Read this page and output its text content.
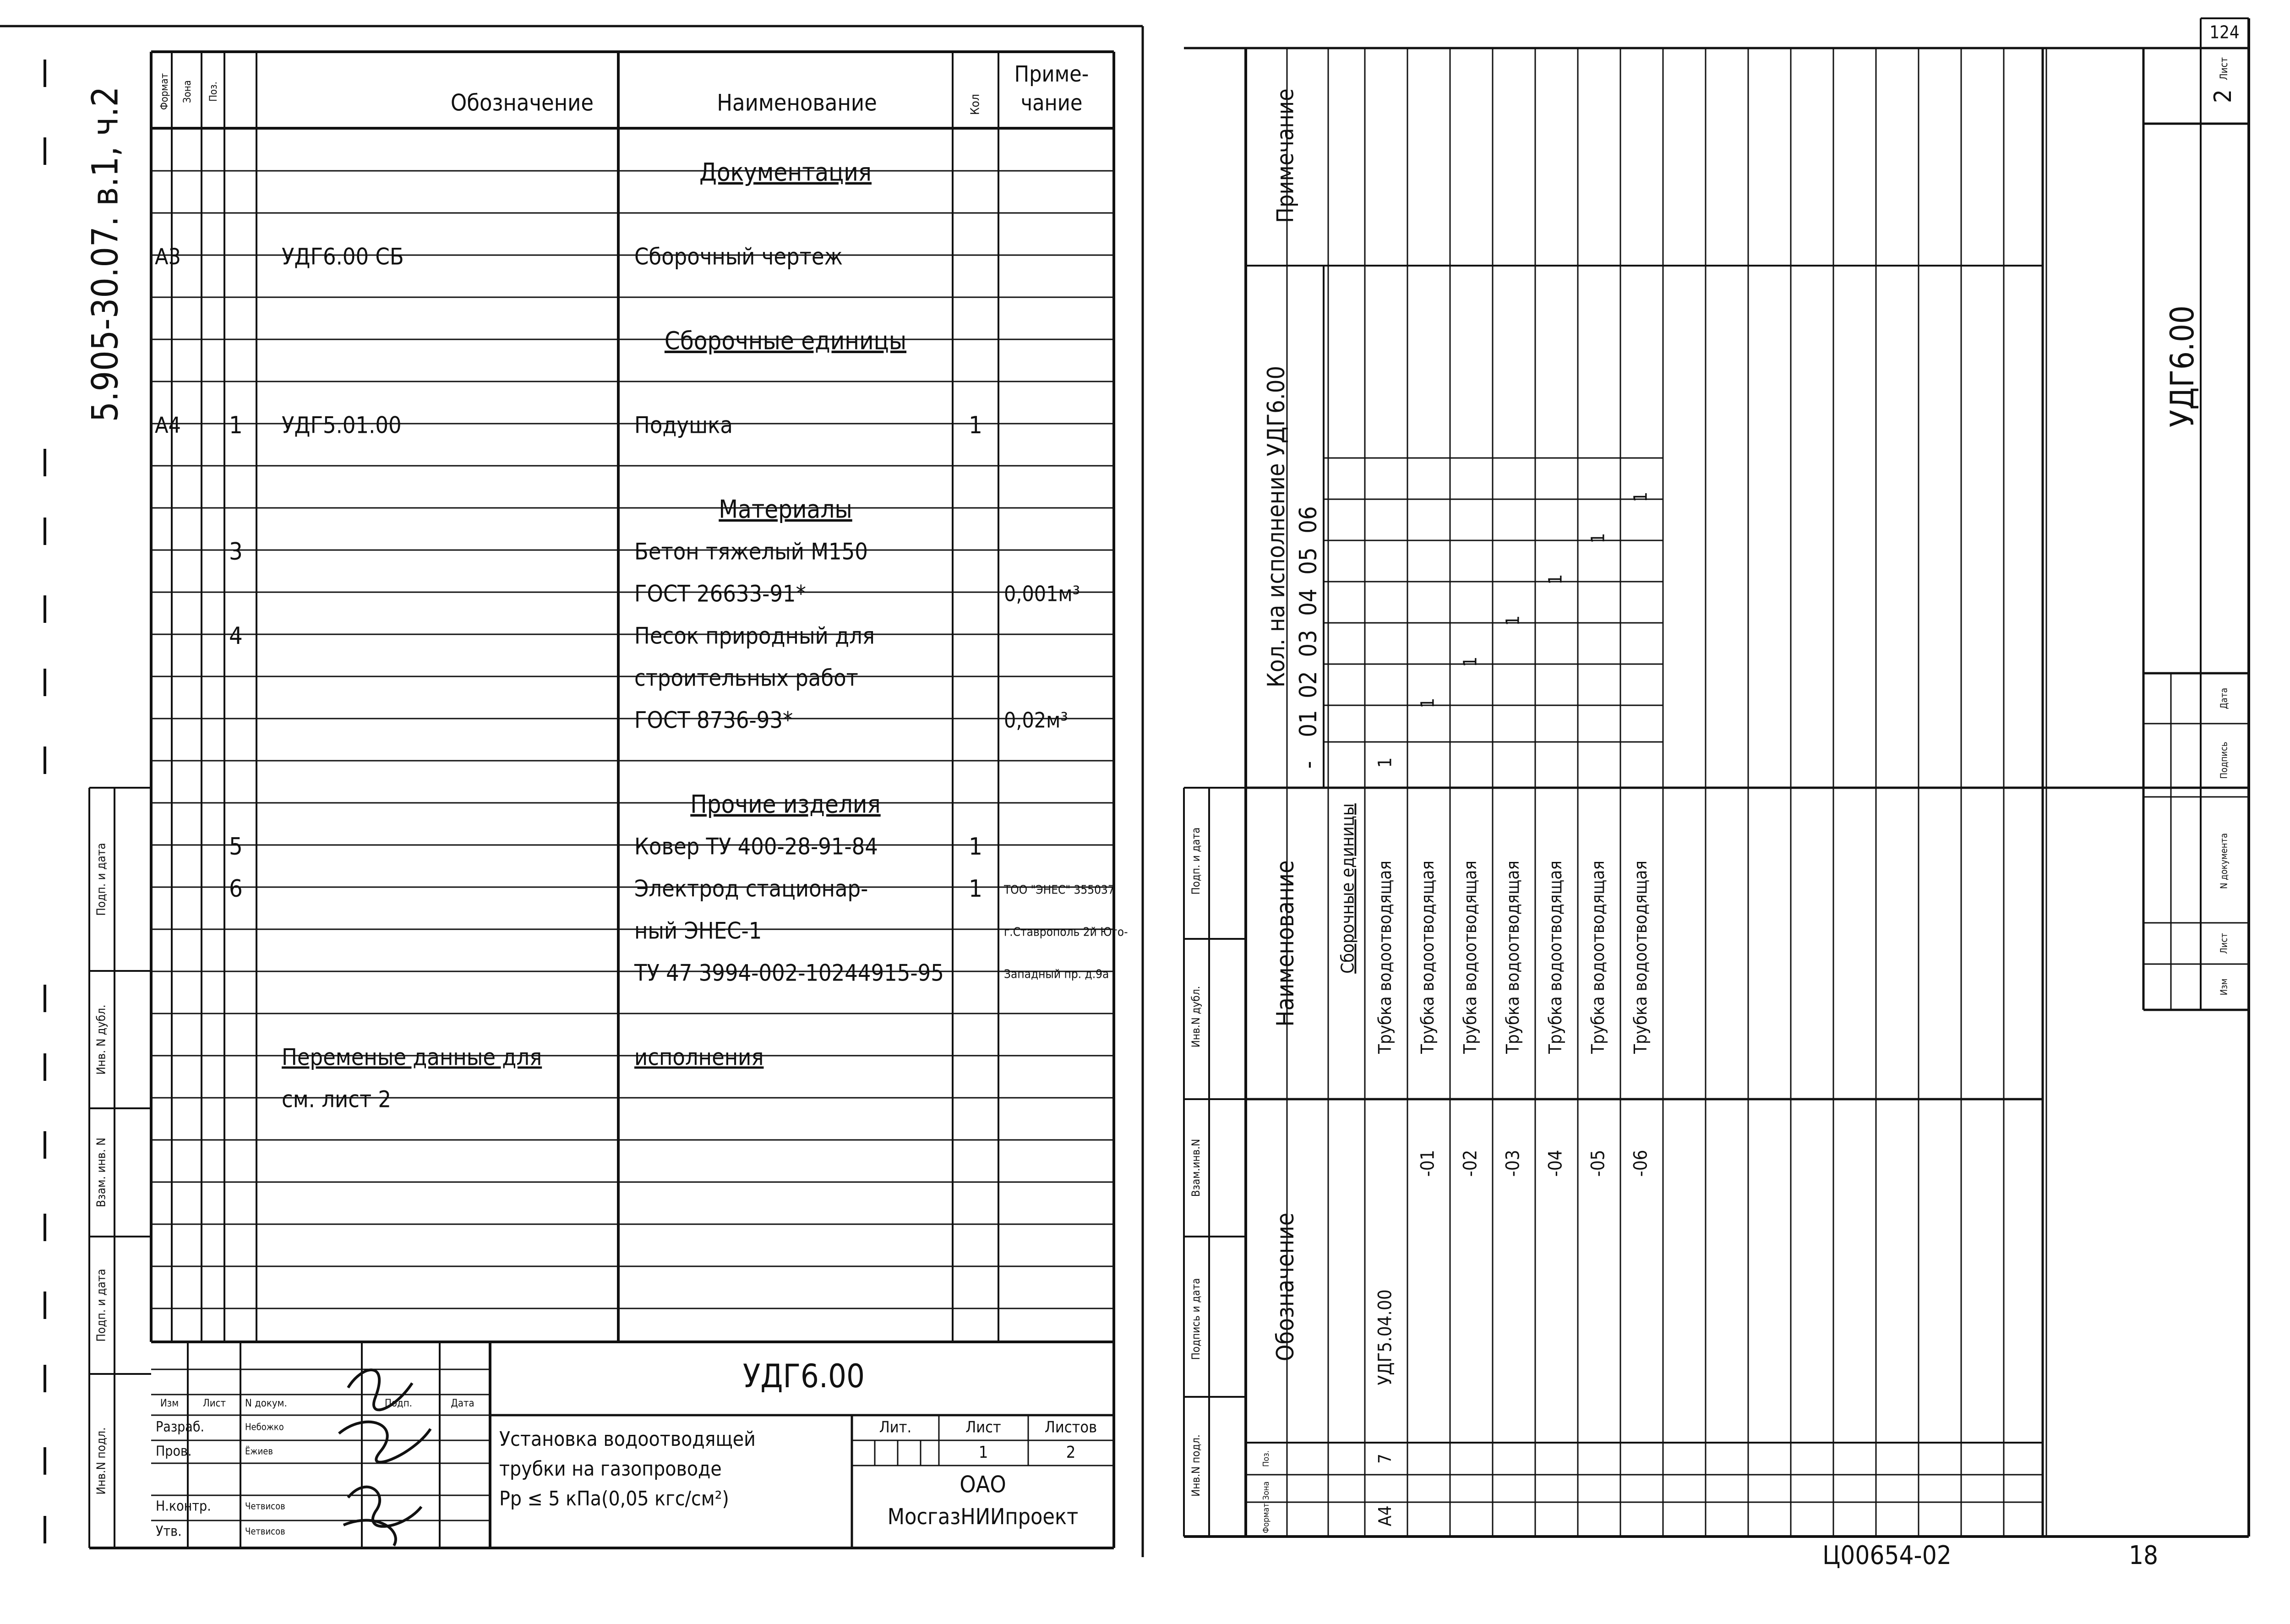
Обозначение	Наименование
Формат Зона Поз.
Кол
Приме-
чание
Документация
А3	УДГ6.00 СБ	Сборочный чертеж
Сборочные единицы
А4 1 УДГ5.01.00	Подушка	1
Материалы
3	Бетон тяжелый М150
ГОСТ 26633-91*	0,001м³
4	Песок природный для
строительных работ
ГОСТ 8736-93*	0,02м³
Прочие изделия
5	Ковер ТУ 400-28-91-84	1
6	Электрод стационар-	1 ТОО "ЭНЕС" 355037
ный ЭНЕС-1	г.Ставрополь 2й Юго-
ТУ 47 3994-002-10244915-95	Западный пр. д.9а
Переменые данные для	исполнения
см. лист 2
5.905-30.07. в.1, ч.2
Подп. и дата
Инв. N дубл.
Взам. инв. N
Подп. и дата
Инв.N подл.
УДГ6.00
Изм Лист N докум.	Подп.	Дата
Разраб.	Небожко
Пров.	Ёжиев
Н.контр.	Четвисов
Утв.	Четвисов
Установка водоотводящей
трубки на газопроводе
Рр ≤ 5 кПа(0,05 кгс/см²)
Лит.	Лист	Листов
1	2
ОАО
МосгазНИИпроект
124
Обозначение
Наименование
Примечание
Кол. на исполнение УДГ6.00
Зона
Формат
Поз.
-
01
02
03
04
05
06
Сборочные единицы Трубка водоотводящая
УДГ5.04.00
А4
7
1
Трубка водоотводящая
-01
1
Трубка водоотводящая
-02
1
Трубка водоотводящая
-03
1
Трубка водоотводящая
-04
1
Трубка водоотводящая
-05
1
Трубка водоотводящая
-06
1
Подп. и дата
Инв.N дубл.
Взам.инв.N
Подпись и дата
Инв.N подл.
Лист
2
УДГ6.00
Изм
Лист
N документа
Подпись
Дата
Ц00654-02	18
